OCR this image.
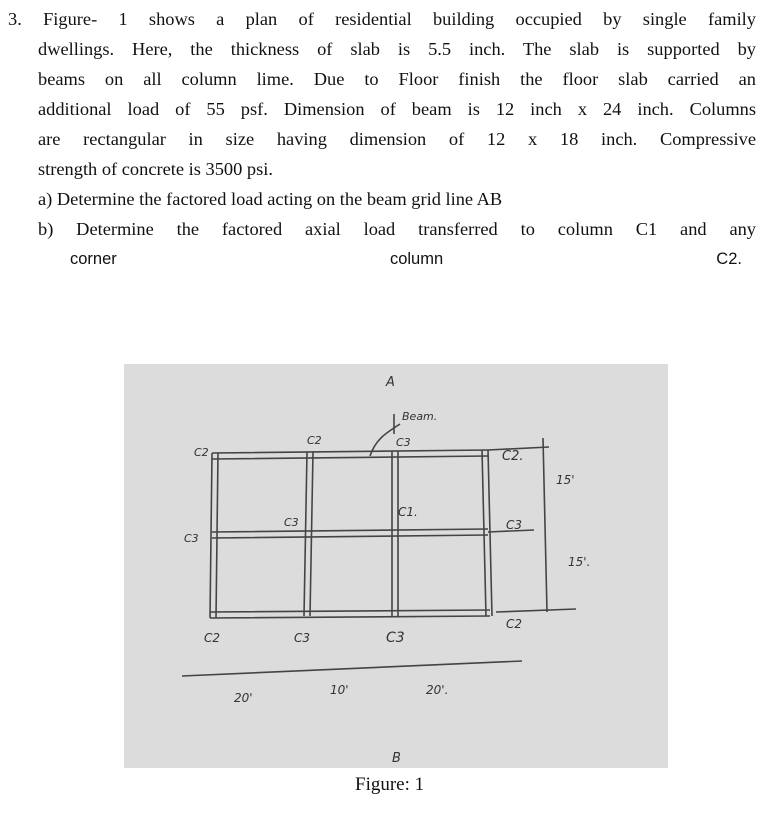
3. Figure- 1 shows a plan of residential building occupied by single family
dwellings. Here, the thickness of slab is 5.5 inch. The slab is supported by
beams on all column lime. Due to Floor finish the floor slab carried an
additional load of 55 psf. Dimension of beam is 12 inch x 24 inch. Columns
are rectangular in size having dimension of 12 x 18 inch. Compressive
strength of concrete is 3500 psi.
a) Determine the factored load acting on the beam grid line AB
b) Determine the factored axial load transferred to column C1 and any
corner	column	C2.
A
Beam.
C2
C2	C3
C2.
15'
C3
C3
C1.
C3
15'.
C2	C3	C3
C2
20'
10'	20'.
B
Figure: 1
